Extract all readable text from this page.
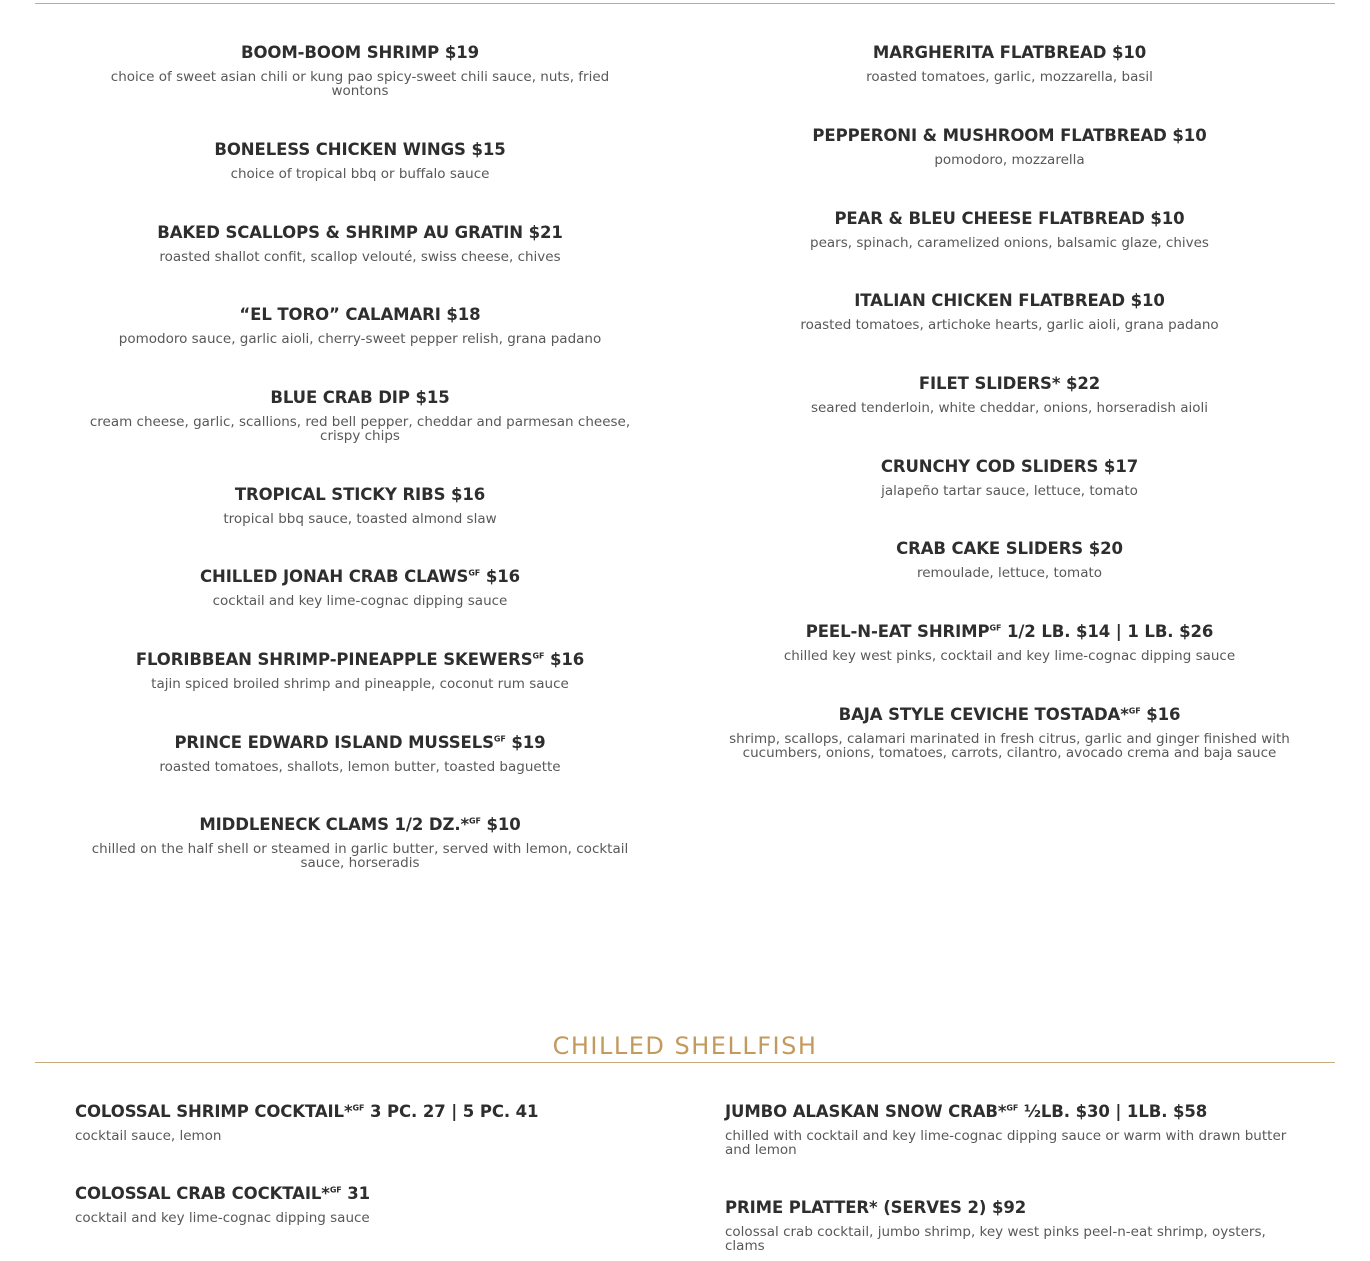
BOOM-BOOM SHRIMP $19
choice of sweet asian chili or kung pao spicy-sweet chili sauce, nuts, fried wontons
BONELESS CHICKEN WINGS $15
choice of tropical bbq or buffalo sauce
BAKED SCALLOPS & SHRIMP AU GRATIN $21
roasted shallot confit, scallop velouté, swiss cheese, chives
“EL TORO” CALAMARI $18
pomodoro sauce, garlic aioli, cherry-sweet pepper relish, grana padano
BLUE CRAB DIP $15
cream cheese, garlic, scallions, red bell pepper, cheddar and parmesan cheese, crispy chips
TROPICAL STICKY RIBS $16
tropical bbq sauce, toasted almond slaw
CHILLED JONAH CRAB $CLAWS^{GF}$ $16
cocktail and key lime-cognac dipping sauce
FLORIBBEAN SHRIMP-PINEAPPLE $SKEWERS^{GF}$ $16
tajin spiced broiled shrimp and pineapple, coconut rum sauce
PRINCE EDWARD ISLAND $MUSSELS^{GF}$ $19
roasted tomatoes, shallots, lemon butter, toasted baguette
MIDDLENECK CLAMS 1/2 DZ.*$^{GF}$ $10
chilled on the half shell or steamed in garlic butter, served with lemon, cocktail sauce, horseradis
MARGHERITA FLATBREAD $10
roasted tomatoes, garlic, mozzarella, basil
PEPPERONI & MUSHROOM FLATBREAD $10
pomodoro, mozzarella
PEAR & BLEU CHEESE FLATBREAD $10
pears, spinach, caramelized onions, balsamic glaze, chives
ITALIAN CHICKEN FLATBREAD $10
roasted tomatoes, artichoke hearts, garlic aioli, grana padano
FILET SLIDERS* $22
seared tenderloin, white cheddar, onions, horseradish aioli
CRUNCHY COD SLIDERS $17
jalapeño tartar sauce, lettuce, tomato
CRAB CAKE SLIDERS $20
remoulade, lettuce, tomato
PEEL-N-EAT $SHRIMP^{GF}$ 1/2 LB. $14 | 1 LB. $26
chilled key west pinks, cocktail and key lime-cognac dipping sauce
BAJA STYLE CEVICHE TOSTADA*$^{GF}$ $16
shrimp, scallops, calamari marinated in fresh citrus, garlic and ginger finished with cucumbers, onions, tomatoes, carrots, cilantro, avocado crema and baja sauce
CHILLED SHELLFISH
COLOSSAL SHRIMP COCKTAIL*$^{GF}$ 3 PC. 27 | 5 PC. 41
cocktail sauce, lemon
COLOSSAL CRAB COCKTAIL*$^{GF}$ 31
cocktail and key lime-cognac dipping sauce
JUMBO ALASKAN SNOW CRAB*$^{GF}$ ½LB. $30 | 1LB. $58
chilled with cocktail and key lime-cognac dipping sauce or warm with drawn butter and lemon
PRIME PLATTER* (SERVES 2) $92
colossal crab cocktail, jumbo shrimp, key west pinks peel-n-eat shrimp, oysters, clams
